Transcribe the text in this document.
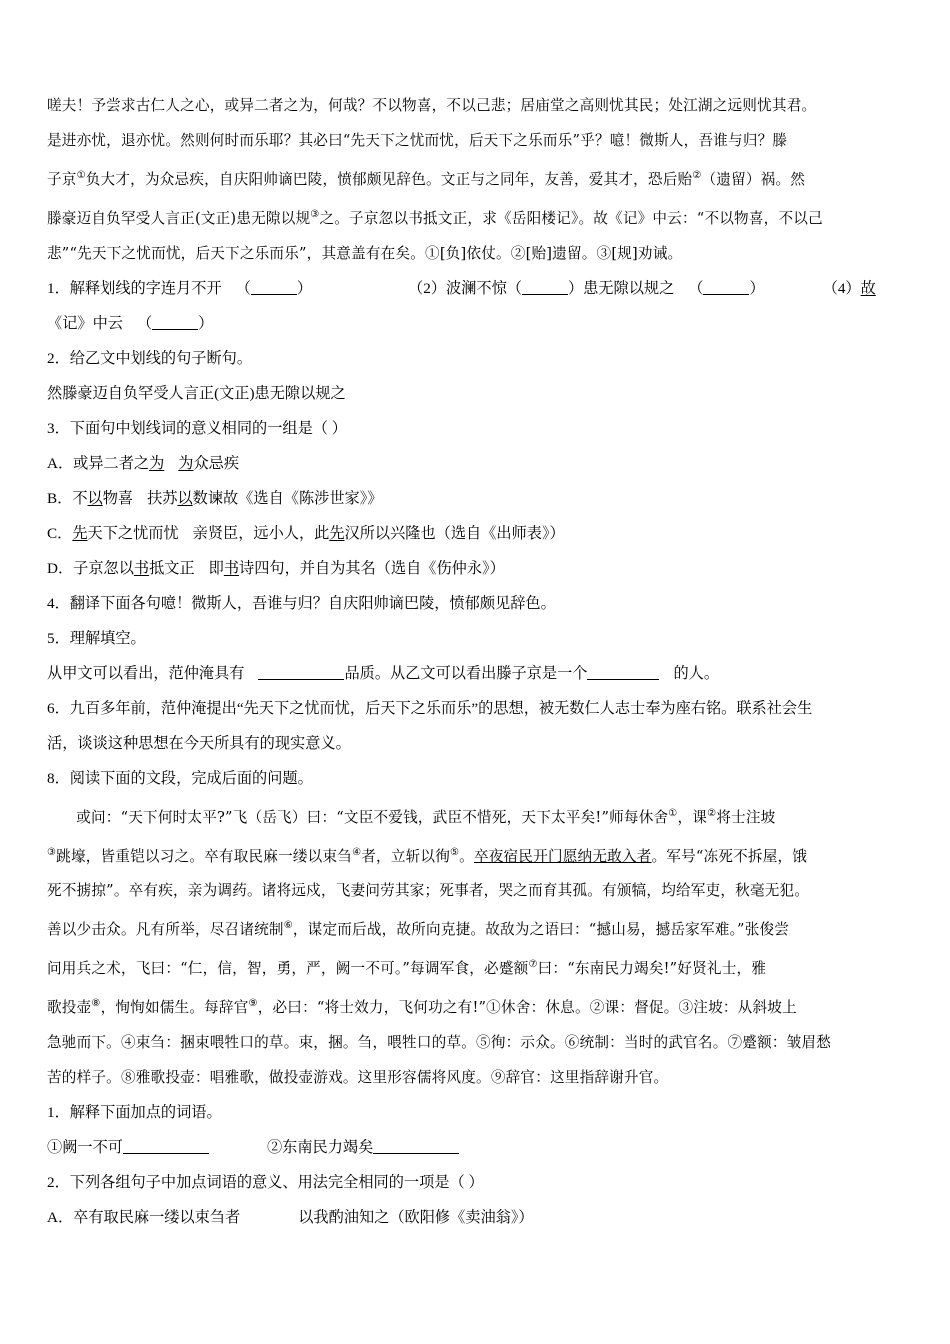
嗟夫！予尝求古仁人之心，或异二者之为，何哉？不以物喜，不以己悲；居庙堂之高则忧其民；处江湖之远则忧其君。

是进亦忧，退亦忧。然则何时而乐耶？其必曰“先天下之忧而忧，后天下之乐而乐”乎？噫！微斯人，吾谁与归？滕

子京①负大才，为众忌疾，自庆阳帅谪巴陵，愤郁颇见辞色。文正与之同年，友善，爱其才，恐后贻②（遗留）祸。然

滕豪迈自负罕受人言正(文正)患无隙以规③之。子京忽以书抵文正，求《岳阳楼记》。故《记》中云：“不以物喜，不以己

悲”“先天下之忧而忧，后天下之乐而乐”，其意盖有在矣。①[负]依仗。②[贻]遗留。③[规]劝诫。

1．解释划线的字连月不开 （	）	（2）波澜不惊（	）患无隙以规之 （	）	（4）故

《记》中云 （	）

2．给乙文中划线的句子断句。

然滕豪迈自负罕受人言正(文正)患无隙以规之

3．下面句中划线词的意义相同的一组是（ ）

A．或异二者之为 为众忌疾

B．不以物喜 扶苏以数谏故《选自《陈涉世家》》

C．先天下之忧而忧 亲贤臣，远小人，此先汉所以兴隆也（选自《出师表》）

D．子京忽以书抵文正 即书诗四句，并自为其名（选自《伤仲永》）

4．翻译下面各句噫！微斯人，吾谁与归？自庆阳帅谪巴陵，愤郁颇见辞色。

5．理解填空。

从甲文可以看出，范仲淹具有	品质。从乙文可以看出滕子京是一个	的人。

6．九百多年前，范仲淹提出“先天下之忧而忧，后天下之乐而乐”的思想，被无数仁人志士奉为座右铭。联系社会生

活，谈谈这种思想在今天所具有的现实意义。

8．阅读下面的文段，完成后面的问题。

或问：“天下何时太平?”飞（岳飞）曰：“文臣不爱钱，武臣不惜死，天下太平矣!”师每休舍①，课②将士注坡

③跳壕，皆重铠以习之。卒有取民麻一缕以束刍④者，立斩以徇⑤。卒夜宿民开门愿纳无敢入者。军号“冻死不拆屋，饿

死不掳掠”。卒有疾，亲为调药。诸将远戍，飞妻问劳其家；死事者，哭之而育其孤。有颁犒，均给军吏，秋毫无犯。

善以少击众。凡有所举，尽召诸统制⑥，谋定而后战，故所向克捷。故敌为之语曰：“撼山易，撼岳家军难。”张俊尝

问用兵之术，飞曰：“仁，信，智，勇，严，阙一不可。”每调军食，必蹙额⑦曰：“东南民力竭矣!”好贤礼士，雅

歌投壶⑧，恂恂如儒生。每辞官⑨，必曰：“将士效力，飞何功之有!”①休舍：休息。②课：督促。③注坡：从斜坡上

急驰而下。④束刍：捆束喂牲口的草。束，捆。刍，喂牲口的草。⑤徇：示众。⑥统制：当时的武官名。⑦蹙额：皱眉愁

苦的样子。⑧雅歌投壶：唱雅歌，做投壶游戏。这里形容儒将风度。⑨辞官：这里指辞谢升官。

1．解释下面加点的词语。

①阙一不可	②东南民力竭矣

2．下列各组句子中加点词语的意义、用法完全相同的一项是（ ）

A．卒有取民麻一缕以束刍者	以我酌油知之（欧阳修《卖油翁》）
